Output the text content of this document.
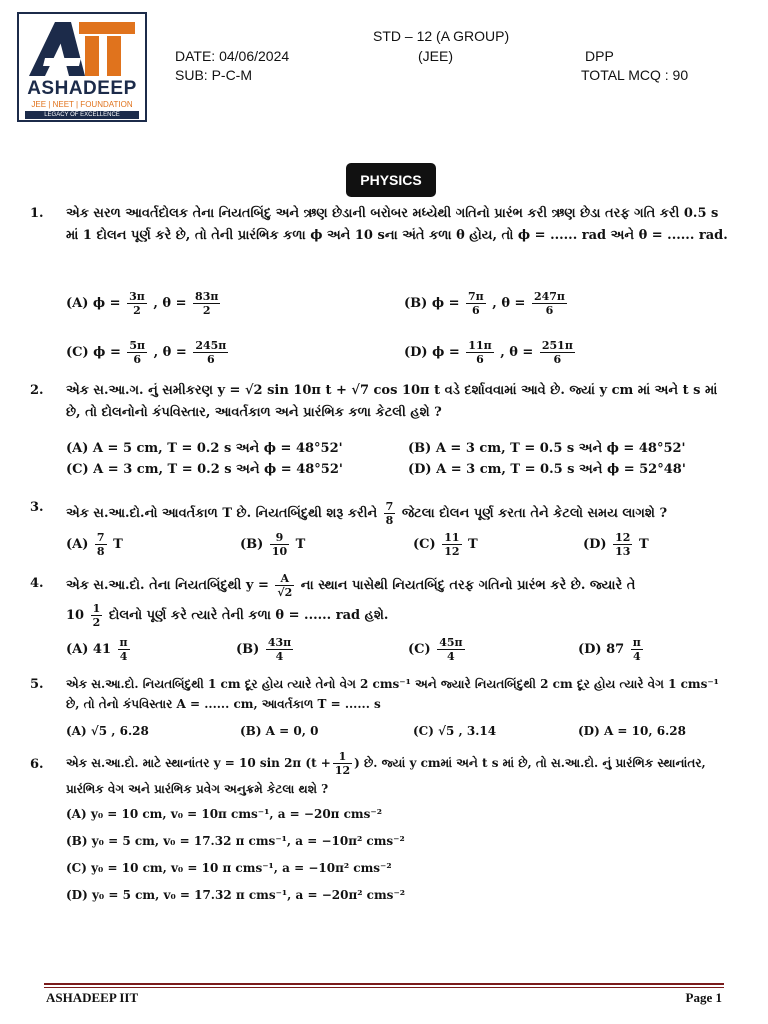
ASHADEEP
JEE | NEET | FOUNDATION
LEGACY OF EXCELLENCE
STD – 12 (A GROUP)
DATE: 04/06/2024	(JEE)	DPP
SUB: P-C-M	TOTAL MCQ : 90
PHYSICS
1. એક સરળ આવર્તદોલક તેના નિયતબિંદુ અને ઋણ છેડાની બરોબર મધ્યેથી ગતિનો પ્રારંભ કરી ઋણ છેડા તરફ ગતિ કરી 0.5 s માં 1 દોલન પૂર્ણ કરે છે, તો તેની પ્રારંભિક કળા ϕ અને 10 sના અંતે કળા θ હોય, તો ϕ = ...... rad અને θ = ...... rad.
(A) $\phi = \frac{3\pi}{2}$ , $\theta = \frac{83\pi}{2}$	(B) $\phi = \frac{7\pi}{6}$ , $\theta = \frac{247\pi}{6}$
(C) $\phi = \frac{5\pi}{6}$ , $\theta = \frac{245\pi}{6}$	(D) $\phi = \frac{11\pi}{6}$ , $\theta = \frac{251\pi}{6}$
2. એક સ.આ.ગ. નું સમીકરણ y = √2 sin 10π t + √7 cos 10π t વડે દર્શાવવામાં આવે છે. જ્યાં y cm માં અને t s માં છે, તો દોલનોનો કંપવિસ્તાર, આવર્તકાળ અને પ્રારંભિક કળા કેટલી હશે ?
(A) A = 5 cm, T = 0.2 s અને ϕ = 48°52'	(B) A = 3 cm, T = 0.5 s અને ϕ = 48°52'
(C) A = 3 cm, T = 0.2 s અને ϕ = 48°52'	(D) A = 3 cm, T = 0.5 s અને ϕ = 52°48'
3. એક સ.આ.દો.નો આવર્તકાળ T છે. નિયતબિંદુથી શરૂ કરીને $\frac{7}{8}$ જેટલા દોલન પૂર્ણ કરતા તેને કેટલો સમય લાગશે ?
$(A) \frac{7}{8}$ T	$(B) \frac{9}{10}$ T	$(C) \frac{11}{12}$ T	$(D) \frac{12}{13}$ T
4. એક સ.આ.દો. તેના નિયતબિંદુથી $y = \frac{A}{√2}$ ના સ્થાન પાસેથી નિયતબિંદુ તરફ ગતિનો પ્રારંભ કરે છે. જ્યારે તે
$10 \frac{1}{2}$ દોલનો પૂર્ણ કરે ત્યારે તેની કળા θ = ...... rad હશે.
(A) $41 \frac{\pi}{4}$	$(B) \frac{43\pi}{4}$	$(C) \frac{45\pi}{4}$	(D) $87 \frac{\pi}{4}$
5. એક સ.આ.દો. નિયતબિંદુથી 1 cm દૂર હોય ત્યારે તેનો વેગ 2 cms⁻¹ અને જ્યારે નિયતબિંદુથી 2 cm દૂર હોય ત્યારે વેગ 1 cms⁻¹ છે, તો તેનો કંપવિસ્તાર A = ...... cm, આવર્તકાળ T = ...... s
(A) √5 , 6.28	(B) A = 0, 0	(C) √5 , 3.14	(D) A = 10, 6.28
6. એક સ.આ.દો. માટે સ્થાનાંતર y = 10 sin 2π ($t + \frac{1}{12}$ ) છે. જ્યાં y cmમાં અને t s માં છે, તો સ.આ.દો. નું પ્રારંભિક સ્થાનાંતર, પ્રારંભિક વેગ અને પ્રારંભિક પ્રવેગ અનુક્રમે કેટલા થશે ?
(A) y₀ = 10 cm, v₀ = 10π cms⁻¹, a = −20π cms⁻²
(B) y₀ = 5 cm, v₀ = 17.32 π cms⁻¹, a = −10π² cms⁻²
(C) y₀ = 10 cm, v₀ = 10 π cms⁻¹, a = −10π² cms⁻²
(D) y₀ = 5 cm, v₀ = 17.32 π cms⁻¹, a = −20π² cms⁻²
ASHADEEP IIT	Page 1
